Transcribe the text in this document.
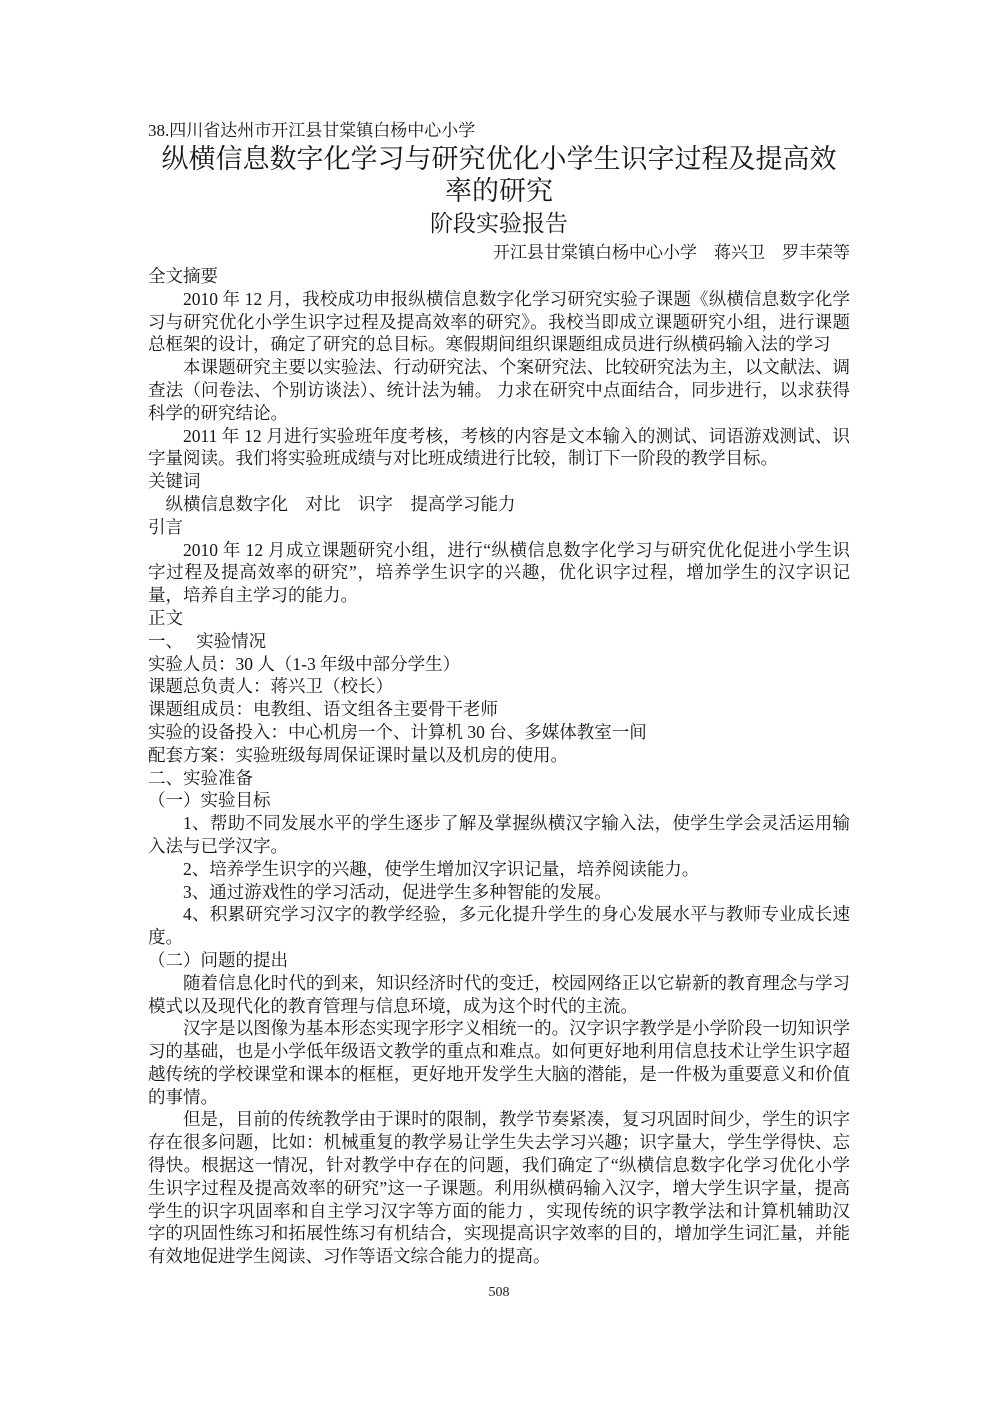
38.四川省达州市开江县甘棠镇白杨中心小学

纵横信息数字化学习与研究优化小学生识字过程及提高效率的研究
阶段实验报告

开江县甘棠镇白杨中心小学　蒋兴卫　罗丰荣等

全文摘要

2010 年 12 月，我校成功申报纵横信息数字化学习研究实验子课题《纵横信息数字化学习与研究优化小学生识字过程及提高效率的研究》。我校当即成立课题研究小组，进行课题总框架的设计，确定了研究的总目标。寒假期间组织课题组成员进行纵横码输入法的学习

本课题研究主要以实验法、行动研究法、个案研究法、比较研究法为主，以文献法、调查法（问卷法、个别访谈法）、统计法为辅。 力求在研究中点面结合，同步进行，以求获得科学的研究结论。

2011 年 12 月进行实验班年度考核，考核的内容是文本输入的测试、词语游戏测试、识字量阅读。我们将实验班成绩与对比班成绩进行比较，制订下一阶段的教学目标。

关键词

纵横信息数字化　对比　识字　提高学习能力

引言

2010 年 12 月成立课题研究小组，进行“纵横信息数字化学习与研究优化促进小学生识字过程及提高效率的研究”，培养学生识字的兴趣，优化识字过程，增加学生的汉字识记量，培养自主学习的能力。

正文

一、　 实验情况

实验人员：30 人（1-3 年级中部分学生）

课题总负责人：蒋兴卫（校长）

课题组成员：电教组、语文组各主要骨干老师

实验的设备投入：中心机房一个、计算机 30 台、多媒体教室一间

配套方案：实验班级每周保证课时量以及机房的使用。

二、实验准备

（一）实验目标

1、帮助不同发展水平的学生逐步了解及掌握纵横汉字输入法，使学生学会灵活运用输入法与已学汉字。

2、培养学生识字的兴趣，使学生增加汉字识记量，培养阅读能力。

3、通过游戏性的学习活动，促进学生多种智能的发展。

4、积累研究学习汉字的教学经验，多元化提升学生的身心发展水平与教师专业成长速度。

（二）问题的提出

随着信息化时代的到来，知识经济时代的变迁，校园网络正以它崭新的教育理念与学习模式以及现代化的教育管理与信息环境，成为这个时代的主流。

汉字是以图像为基本形态实现字形字义相统一的。汉字识字教学是小学阶段一切知识学习的基础，也是小学低年级语文教学的重点和难点。如何更好地利用信息技术让学生识字超越传统的学校课堂和课本的框框，更好地开发学生大脑的潜能，是一件极为重要意义和价值的事情。

但是，目前的传统教学由于课时的限制，教学节奏紧凑，复习巩固时间少，学生的识字存在很多问题，比如：机械重复的教学易让学生失去学习兴趣；识字量大，学生学得快、忘得快。根据这一情况，针对教学中存在的问题，我们确定了“纵横信息数字化学习优化小学生识字过程及提高效率的研究”这一子课题。利用纵横码输入汉字，增大学生识字量，提高学生的识字巩固率和自主学习汉字等方面的能力 ，实现传统的识字教学法和计算机辅助汉字的巩固性练习和拓展性练习有机结合，实现提高识字效率的目的，增加学生词汇量，并能有效地促进学生阅读、习作等语文综合能力的提高。

508
